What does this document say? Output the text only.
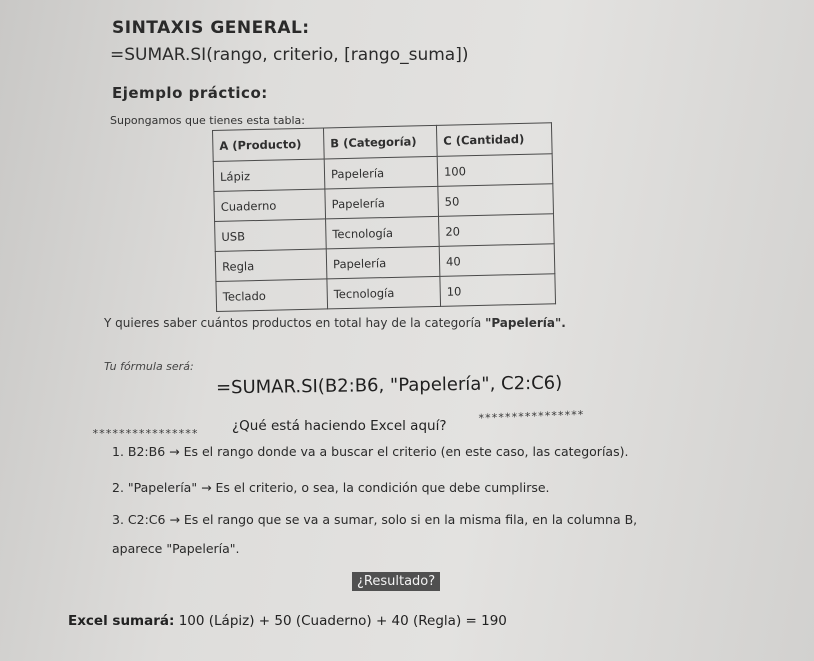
SINTAXIS GENERAL:
=SUMAR.SI(rango, criterio, [rango_suma])
Ejemplo práctico:
Supongamos que tienes esta tabla:
A (Producto)	B (Categoría)	C (Cantidad)
Lápiz	Papelería	100
Cuaderno	Papelería	50
USB	Tecnología	20
Regla	Papelería	40
Teclado	Tecnología	10
Y quieres saber cuántos productos en total hay de la categoría "Papelería".
Tu fórmula será:
=SUMAR.SI(B2:B6, "Papelería", C2:C6)
****************	¿Qué está haciendo Excel aquí?
****************
1. B2:B6 → Es el rango donde va a buscar el criterio (en este caso, las categorías).
2. "Papelería" → Es el criterio, o sea, la condición que debe cumplirse.
3. C2:C6 → Es el rango que se va a sumar, solo si en la misma fila, en la columna B,
aparece "Papelería".
¿Resultado?
Excel sumará: 100 (Lápiz) + 50 (Cuaderno) + 40 (Regla) = 190
